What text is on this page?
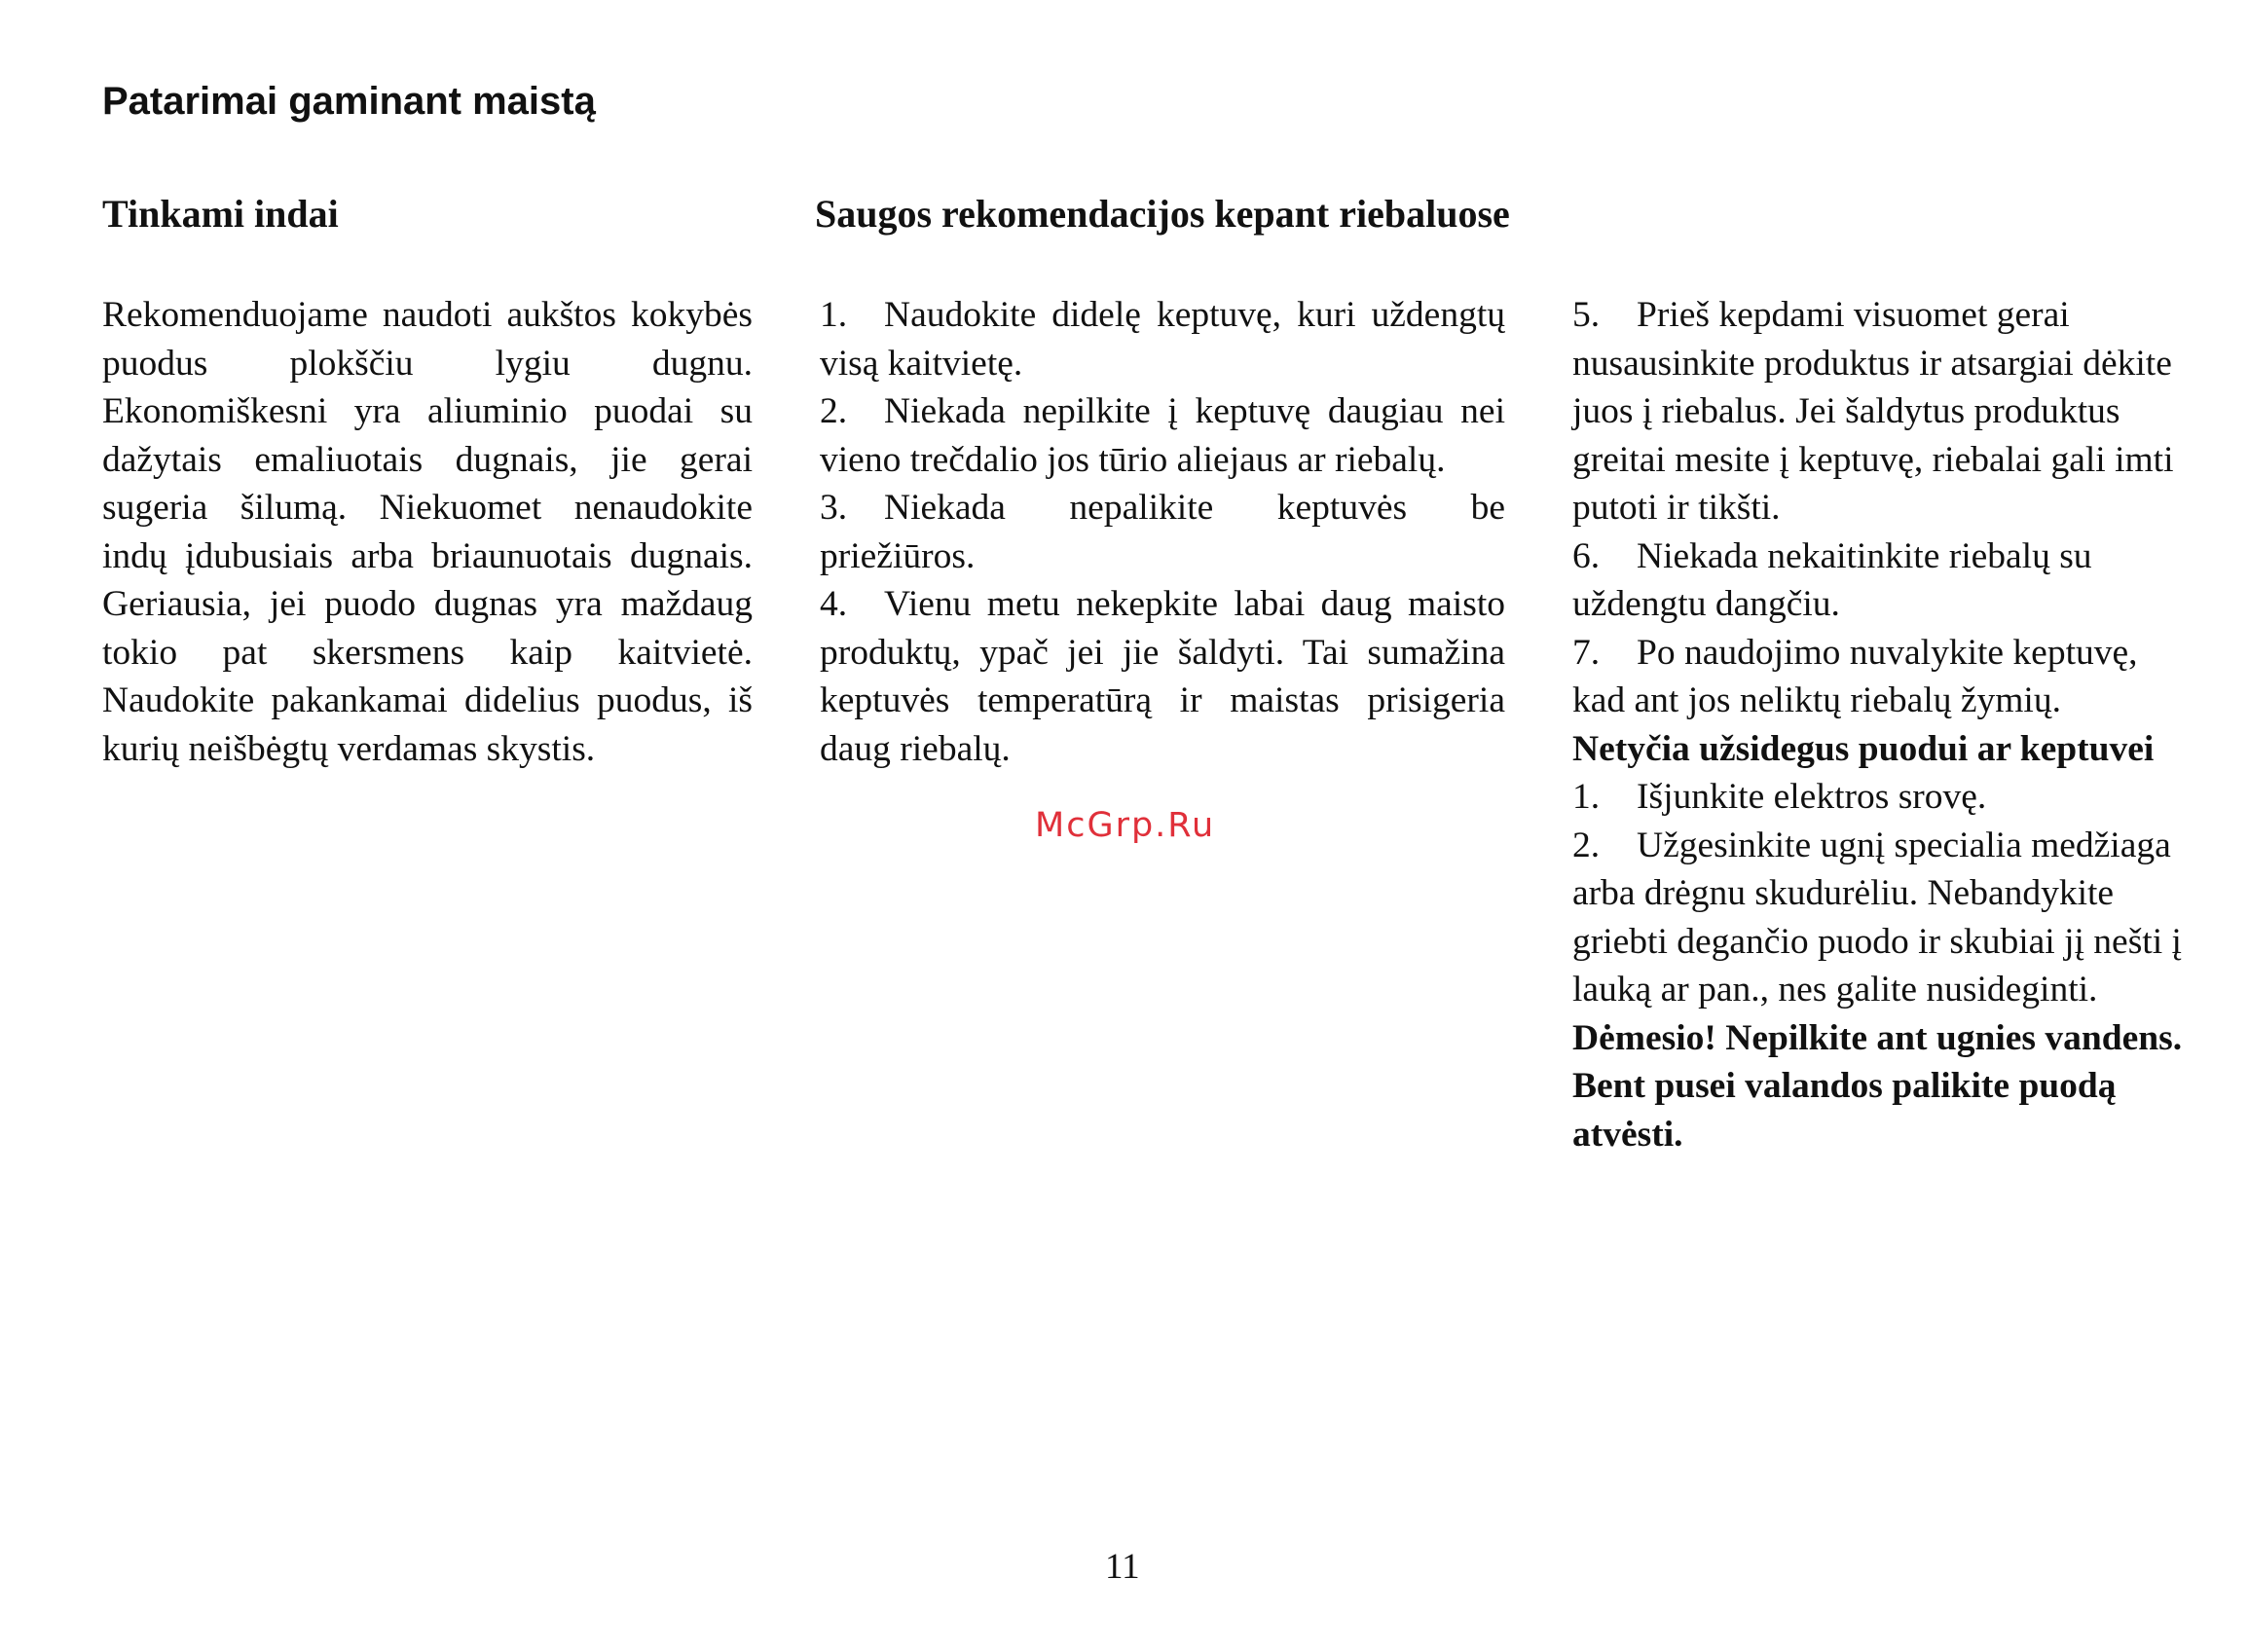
Patarimai gaminant maistą
Tinkami indai	Saugos rekomendacijos kepant riebaluose

Rekomenduojame naudoti aukštos kokybės puodus plokščiu lygiu dugnu. Ekonomiškesni yra aliuminio puodai su dažytais emaliuotais dugnais, jie gerai sugeria šilumą. Niekuomet nenaudokite indų įdubusiais arba briaunuotais dugnais. Geriausia, jei puodo dugnas yra maždaug tokio pat skersmens kaip kaitvietė. Naudokite pakankamai didelius puodus, iš kurių neišbėgtų verdamas skystis.

1. Naudokite didelę keptuvę, kuri uždengtų visą kaitvietę.
2. Niekada nepilkite į keptuvę daugiau nei vieno trečdalio jos tūrio aliejaus ar riebalų.
3. Niekada nepalikite keptuvės be priežiūros.
4. Vienu metu nekepkite labai daug maisto produktų, ypač jei jie šaldyti. Tai sumažina keptuvės temperatūrą ir maistas prisigeria daug riebalų.
5. Prieš kepdami visuomet gerai nusausinkite produktus ir atsargiai dėkite juos į riebalus. Jei šaldytus produktus greitai mesite į keptuvę, riebalai gali imti putoti ir tikšti.
6. Niekada nekaitinkite riebalų su uždengtu dangčiu.
7. Po naudojimo nuvalykite keptuvę, kad ant jos neliktų riebalų žymių.
Netyčia užsidegus puodui ar keptuvei
1. Išjunkite elektros srovę.
2. Užgesinkite ugnį specialia medžiaga arba drėgnu skudurėliu. Nebandykite griebti degančio puodo ir skubiai jį nešti į lauką ar pan., nes galite nusideginti.
Dėmesio! Nepilkite ant ugnies vandens. Bent pusei valandos palikite puodą atvėsti.
McGrp.Ru
11
